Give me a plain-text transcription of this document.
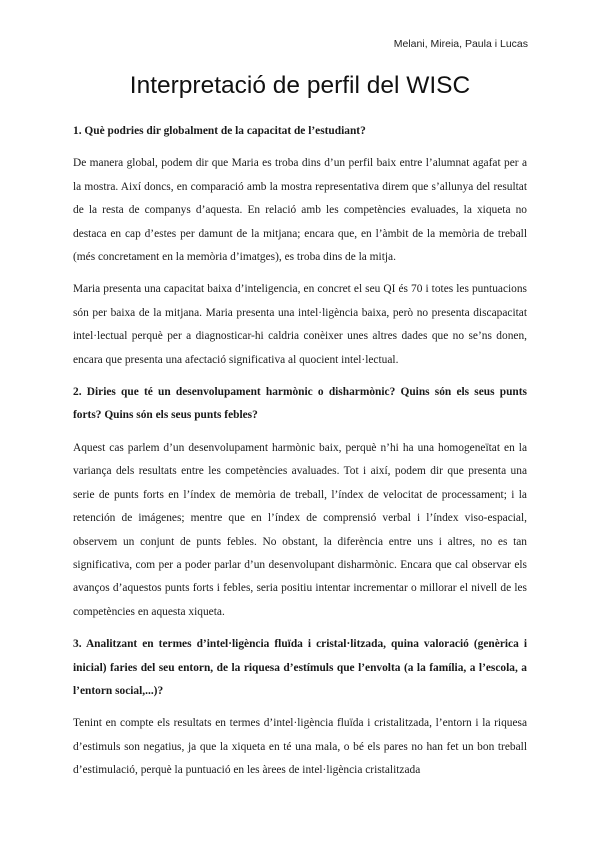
Melani, Mireia, Paula i Lucas

Interpretació de perfil del WISC

1. Què podries dir globalment de la capacitat de l’estudiant?

De manera global, podem dir que Maria es troba dins d’un perfil baix entre l’alumnat agafat per a la mostra. Així doncs, en comparació amb la mostra representativa direm que s’allunya del resultat de la resta de companys d’aquesta. En relació amb les competències evaluades, la xiqueta no destaca en cap d’estes per damunt de la mitjana; encara que, en l’àmbit de la memòria de treball (més concretament en la memòria d’imatges), es troba dins de la mitja.

Maria presenta una capacitat baixa d’inteligencia, en concret el seu QI és 70 i totes les puntuacions són per baixa de la mitjana. Maria presenta una intel·ligència baixa, però no presenta discapacitat intel·lectual perquè per a diagnosticar-hi caldria conèixer unes altres dades que no se’ns donen, encara que presenta una afectació significativa al quocient intel·lectual.

2. Diries que té un desenvolupament harmònic o disharmònic? Quins són els seus punts forts? Quins són els seus punts febles?

Aquest cas parlem d’un desenvolupament harmònic baix, perquè n’hi ha una homogeneïtat en la variança dels resultats entre les competències avaluades. Tot i així, podem dir que presenta una serie de punts forts en l’índex de memòria de treball, l’índex de velocitat de processament; i la retención de imágenes; mentre que en l’índex de comprensió verbal i l’índex viso-espacial, observem un conjunt de punts febles. No obstant, la diferència entre uns i altres, no es tan significativa, com per a poder parlar d’un desenvolupant disharmònic. Encara que cal observar els avanços d’aquestos punts forts i febles, seria positiu intentar incrementar o millorar el nivell de les competències en aquesta xiqueta.

3. Analitzant en termes d’intel·ligència fluïda i cristal·litzada, quina valoració (genèrica i inicial) faries del seu entorn, de la riquesa d’estímuls que l’envolta (a la família, a l’escola, a l’entorn social,...)?

Tenint en compte els resultats en termes d’intel·ligència fluïda i cristalitzada, l’entorn i la riquesa d’estimuls son negatius, ja que la xiqueta en té una mala, o bé els pares no han fet un bon treball d’estimulació, perquè la puntuació en les àrees de intel·ligència cristalitzada
